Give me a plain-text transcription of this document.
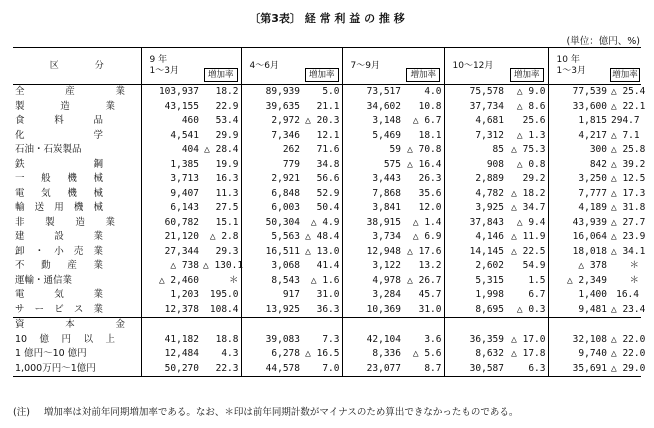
〔第3表〕 経 常 利 益 の 推 移
(単位：億円、%)
区　　　　分	9 年
1～3月	増加率	4～6月	増加率	7～9月	増加率	10～12月	増加率	10 年
1～3月	増加率

全 産 業	103,937	18.2	89,939	5.0	73,517	4.0	75,578	△ 9.0	77,539	△ 25.4

製 造 業	43,155	22.9	39,635	21.1	34,602	10.8	37,734	△ 8.6	33,600	△ 22.1

食 料 品	460	53.4	2,972	△ 20.3	3,148	△ 6.7	4,681	25.6	1,815	294.7

化 学	4,541	29.9	7,346	12.1	5,469	18.1	7,312	△ 1.3	4,217	△ 7.1
石油・石炭製品	404	△ 28.4	262	71.6	59	△ 70.8	85	△ 75.3	300	△ 25.8

鉄 鋼	1,385	19.9	779	34.8	575	△ 16.4	908	△ 0.8	842	△ 39.2

一 般 機 械	3,713	16.3	2,921	56.6	3,443	26.3	2,889	29.2	3,250	△ 12.5

電 気 機 械	9,407	11.3	6,848	52.9	7,868	35.6	4,782	△ 18.2	7,777	△ 17.3

輸 送 用 機 械	6,143	27.5	6,003	50.4	3,841	12.0	3,925	△ 34.7	4,189	△ 31.8

非 製 造 業	60,782	15.1	50,304	△ 4.9	38,915	△ 1.4	37,843	△ 9.4	43,939	△ 27.7

建 設 業	21,120	△ 2.8	5,563	△ 48.4	3,734	△ 6.9	4,146	△ 11.9	16,064	△ 23.9

卸 ・ 小 売 業	27,344	29.3	16,511	△ 13.0	12,948	△ 17.6	14,145	△ 22.5	18,018	△ 34.1

不 動 産 業	△ 738	△ 130.1	3,068	41.4	3,122	13.2	2,602	54.9	△ 378	＊
運輸・通信業	△ 2,460	＊	8,543	△ 1.6	4,978	△ 26.7	5,315	1.5	△ 2,349	＊

電 気 業	1,203	195.0	917	31.0	3,284	45.7	1,998	6.7	1,400	16.4

サ ー ビ ス 業	12,378	108.4	13,925	36.3	10,369	31.0	8,695	△ 0.3	9,481	△ 23.4

資 本 金										

10 億 円 以 上	41,182	18.8	39,083	7.3	42,104	3.6	36,359	△ 17.0	32,108	△ 22.0
1 億円～10 億円	12,484	4.3	6,278	△ 16.5	8,336	△ 5.6	8,632	△ 17.8	9,740	△ 22.0
1,000万円～1億円	50,270	22.3	44,578	7.0	23,077	8.7	30,587	6.3	35,691	△ 29.0
(注) 増加率は対前年同期増加率である。なお、＊印は前年同期計数がマイナスのため算出できなかったものである。
